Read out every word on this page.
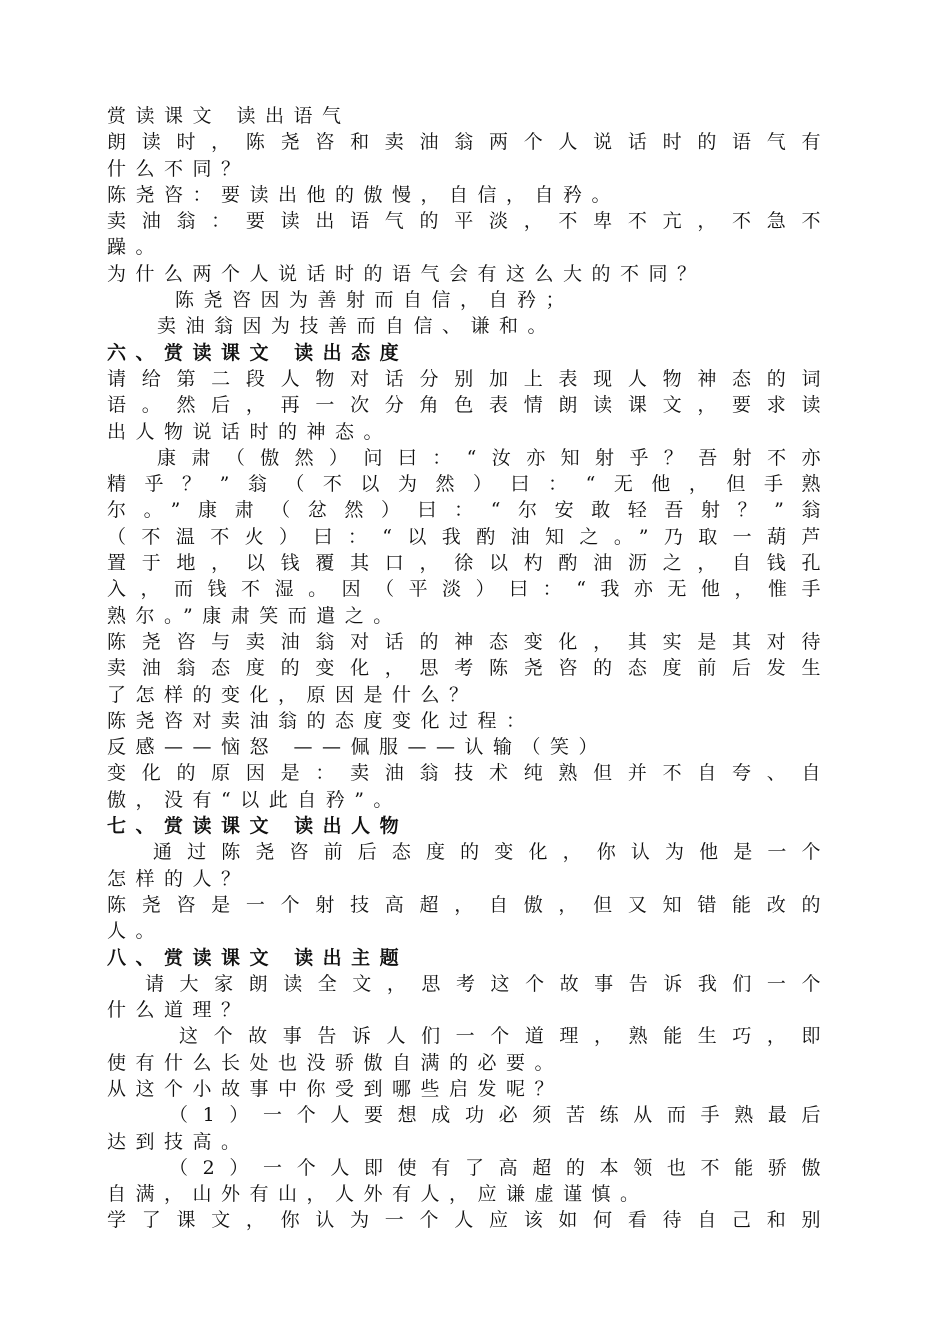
赏读课文 读出语气
朗读时，陈尧咨和卖油翁两个人说话时的语气有
什么不同？
陈尧咨：要读出他的傲慢，自信，自矜。
卖油翁：要读出语气的平淡，不卑不亢，不急不
躁。
为什么两个人说话时的语气会有这么大的不同？
陈尧咨因为善射而自信，自矜；
卖油翁因为技善而自信、谦和。
六、赏读课文 读出态度
请给第二段人物对话分别加上表现人物神态的词
语。然后，再一次分角色表情朗读课文，要求读
出人物说话时的神态。
康肃（傲然）问曰：“汝亦知射乎？吾射不亦
精乎？”翁（不以为然）曰：“无他，但手熟
尔。”康肃（忿然）曰：“尔安敢轻吾射？”翁
（不温不火）曰：“以我酌油知之。”乃取一葫芦
置于地，以钱覆其口，徐以杓酌油沥之，自钱孔
入，而钱不湿。因（平淡）曰：“我亦无他，惟手
熟尔。”康肃笑而遣之。
陈尧咨与卖油翁对话的神态变化，其实是其对待
卖油翁态度的变化，思考陈尧咨的态度前后发生
了怎样的变化，原因是什么？
陈尧咨对卖油翁的态度变化过程：
反感——恼怒 ——佩服——认输（笑）
变化的原因是：卖油翁技术纯熟但并不自夸、自
傲，没有“以此自矜”。
七、赏读课文 读出人物
通过陈尧咨前后态度的变化，你认为他是一个
怎样的人？
陈尧咨是一个射技高超，自傲，但又知错能改的
人。
八、赏读课文 读出主题
请大家朗读全文，思考这个故事告诉我们一个
什么道理？
这个故事告诉人们一个道理，熟能生巧，即
使有什么长处也没骄傲自满的必要。
从这个小故事中你受到哪些启发呢？
（1）一个人要想成功必须苦练从而手熟最后
达到技高。
（2）一个人即使有了高超的本领也不能骄傲
自满，山外有山，人外有人，应谦虚谨慎。
学了课文，你认为一个人应该如何看待自己和别
